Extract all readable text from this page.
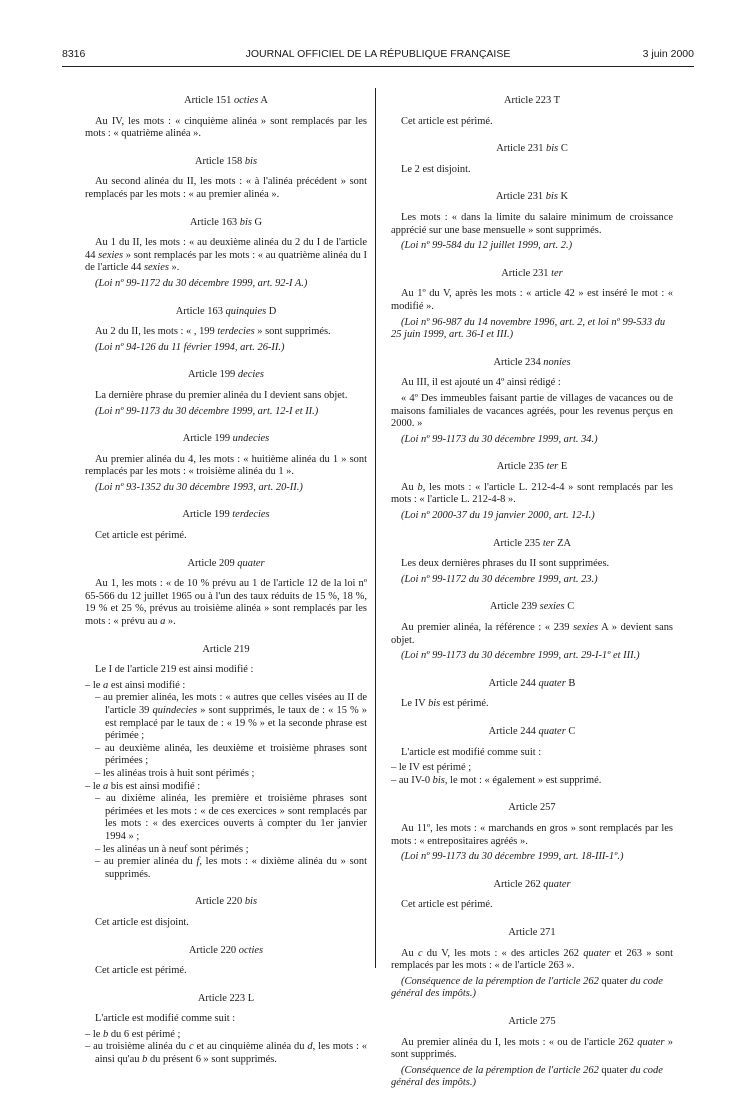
8316	JOURNAL OFFICIEL DE LA RÉPUBLIQUE FRANÇAISE	3 juin 2000
Article 151 octies A

Au IV, les mots : « cinquième alinéa » sont remplacés par les mots : « quatrième alinéa ».

Article 158 bis

Au second alinéa du II, les mots : « à l'alinéa précédent » sont remplacés par les mots : « au premier alinéa ».

Article 163 bis G

Au 1 du II, les mots : « au deuxième alinéa du 2 du I de l'article 44 sexies » sont remplacés par les mots : « au quatrième alinéa du I de l'article 44 sexies ».

(Loi nº 99-1172 du 30 décembre 1999, art. 92-I A.)

Article 163 quinquies D

Au 2 du II, les mots : « , 199 terdecies » sont supprimés.

(Loi nº 94-126 du 11 février 1994, art. 26-II.)

Article 199 decies

La dernière phrase du premier alinéa du I devient sans objet.

(Loi nº 99-1173 du 30 décembre 1999, art. 12-I et II.)

Article 199 undecies

Au premier alinéa du 4, les mots : « huitième alinéa du 1 » sont remplacés par les mots : « troisième alinéa du 1 ».

(Loi nº 93-1352 du 30 décembre 1993, art. 20-II.)

Article 199 terdecies

Cet article est périmé.

Article 209 quater

Au 1, les mots : « de 10 % prévu au 1 de l'article 12 de la loi nº 65-566 du 12 juillet 1965 ou à l'un des taux réduits de 15 %, 18 %, 19 % et 25 %, prévus au troisième alinéa » sont remplacés par les mots : « prévu au a ».

Article 219

Le I de l'article 219 est ainsi modifié :

– le a est ainsi modifié :

– au premier alinéa, les mots : « autres que celles visées au II de l'article 39 quindecies » sont supprimés, le taux de : « 15 % » est remplacé par le taux de : « 19 % » et la seconde phrase est périmée ;

– au deuxième alinéa, les deuxième et troisième phrases sont périmées ;

– les alinéas trois à huit sont périmés ;

– le a bis est ainsi modifié :

– au dixième alinéa, les première et troisième phrases sont périmées et les mots : « de ces exercices » sont remplacés par les mots : « des exercices ouverts à compter du 1er janvier 1994 » ;

– les alinéas un à neuf sont périmés ;

– au premier alinéa du f, les mots : « dixième alinéa du » sont supprimés.

Article 220 bis

Cet article est disjoint.

Article 220 octies

Cet article est périmé.

Article 223 L

L'article est modifié comme suit :

– le b du 6 est périmé ;

– au troisième alinéa du c et au cinquième alinéa du d, les mots : « ainsi qu'au b du présent 6 » sont supprimés.

Article 223 T

Cet article est périmé.

Article 231 bis C

Le 2 est disjoint.

Article 231 bis K

Les mots : « dans la limite du salaire minimum de croissance apprécié sur une base mensuelle » sont supprimés.

(Loi nº 99-584 du 12 juillet 1999, art. 2.)

Article 231 ter

Au 1º du V, après les mots : « article 42 » est inséré le mot : « modifié ».

(Loi nº 96-987 du 14 novembre 1996, art. 2, et loi nº 99-533 du 25 juin 1999, art. 36-I et III.)

Article 234 nonies

Au III, il est ajouté un 4º ainsi rédigé :

« 4º Des immeubles faisant partie de villages de vacances ou de maisons familiales de vacances agréés, pour les revenus perçus en 2000. »

(Loi nº 99-1173 du 30 décembre 1999, art. 34.)

Article 235 ter E

Au b, les mots : « l'article L. 212-4-4 » sont remplacés par les mots : « l'article L. 212-4-8 ».

(Loi nº 2000-37 du 19 janvier 2000, art. 12-I.)

Article 235 ter ZA

Les deux dernières phrases du II sont supprimées.

(Loi nº 99-1172 du 30 décembre 1999, art. 23.)

Article 239 sexies C

Au premier alinéa, la référence : « 239 sexies A » devient sans objet.

(Loi nº 99-1173 du 30 décembre 1999, art. 29-I-1º et III.)

Article 244 quater B

Le IV bis est périmé.

Article 244 quater C

L'article est modifié comme suit :

– le IV est périmé ;

– au IV-0 bis, le mot : « également » est supprimé.

Article 257

Au 11º, les mots : « marchands en gros » sont remplacés par les mots : « entrepositaires agréés ».

(Loi nº 99-1173 du 30 décembre 1999, art. 18-III-1º.)

Article 262 quater

Cet article est périmé.

Article 271

Au c du V, les mots : « des articles 262 quater et 263 » sont remplacés par les mots : « de l'article 263 ».

(Conséquence de la péremption de l'article 262 quater du code général des impôts.)

Article 275

Au premier alinéa du I, les mots : « ou de l'article 262 quater » sont supprimés.

(Conséquence de la péremption de l'article 262 quater du code général des impôts.)
